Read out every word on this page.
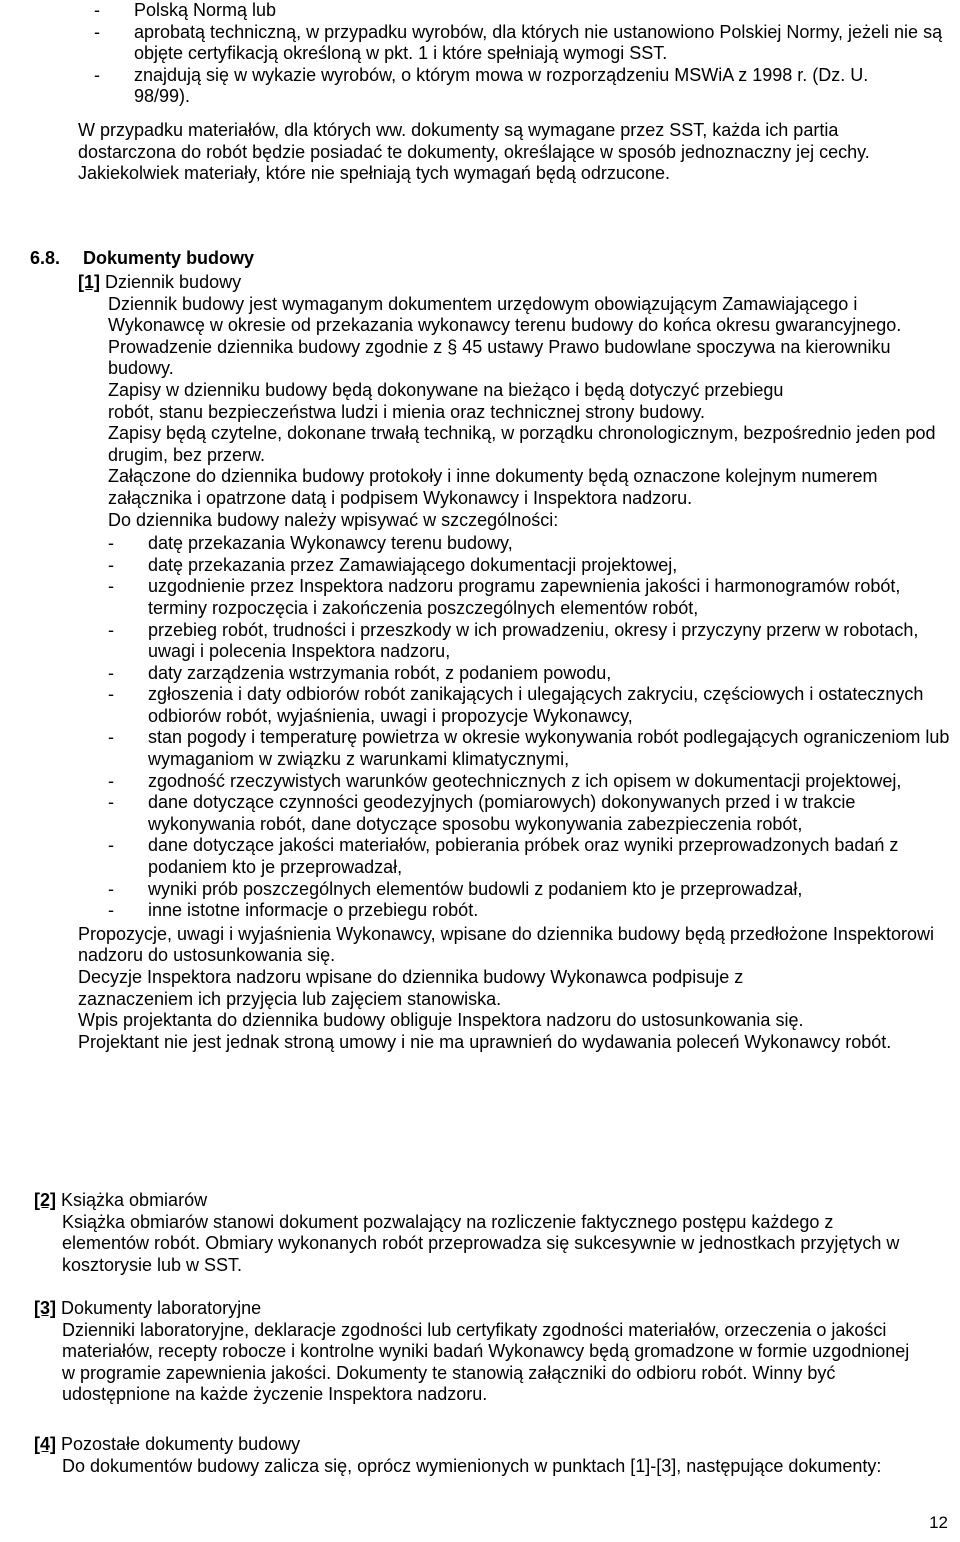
- Polską Normą lub
- aprobatą techniczną, w przypadku wyrobów, dla których nie ustanowiono Polskiej Normy, jeżeli nie są objęte certyfikacją określoną w pkt. 1 i które spełniają wymogi SST.
- znajdują się w wykazie wyrobów, o którym mowa w rozporządzeniu MSWiA z 1998 r. (Dz. U. 98/99).

W przypadku materiałów, dla których ww. dokumenty są wymagane przez SST, każda ich partia dostarczona do robót będzie posiadać te dokumenty, określające w sposób jednoznaczny jej cechy.

Jakiekolwiek materiały, które nie spełniają tych wymagań będą odrzucone.

6.8. Dokumenty budowy
[1] Dziennik budowy

Dziennik budowy jest wymaganym dokumentem urzędowym obowiązującym Zamawiającego i Wykonawcę w okresie od przekazania wykonawcy terenu budowy do końca okresu gwarancyjnego. Prowadzenie dziennika budowy zgodnie z § 45 ustawy Prawo budowlane spoczywa na kierowniku budowy.

Zapisy w dzienniku budowy będą dokonywane na bieżąco i będą dotyczyć przebiegu robót, stanu bezpieczeństwa ludzi i mienia oraz technicznej strony budowy.

Zapisy będą czytelne, dokonane trwałą techniką, w porządku chronologicznym, bezpośrednio jeden pod drugim, bez przerw.

Załączone do dziennika budowy protokoły i inne dokumenty będą oznaczone kolejnym numerem załącznika i opatrzone datą i podpisem Wykonawcy i Inspektora nadzoru.

Do dziennika budowy należy wpisywać w szczególności:

- datę przekazania Wykonawcy terenu budowy,
- datę przekazania przez Zamawiającego dokumentacji projektowej,
- uzgodnienie przez Inspektora nadzoru programu zapewnienia jakości i harmonogramów robót, terminy rozpoczęcia i zakończenia poszczególnych elementów robót,
- przebieg robót, trudności i przeszkody w ich prowadzeniu, okresy i przyczyny przerw w robotach, uwagi i polecenia Inspektora nadzoru,
- daty zarządzenia wstrzymania robót, z podaniem powodu,
- zgłoszenia i daty odbiorów robót zanikających i ulegających zakryciu, częściowych i ostatecznych odbiorów robót, wyjaśnienia, uwagi i propozycje Wykonawcy,
- stan pogody i temperaturę powietrza w okresie wykonywania robót podlegających ograniczeniom lub wymaganiom w związku z warunkami klimatycznymi,
- zgodność rzeczywistych warunków geotechnicznych z ich opisem w dokumentacji projektowej,
- dane dotyczące czynności geodezyjnych (pomiarowych) dokonywanych przed i w trakcie wykonywania robót, dane dotyczące sposobu wykonywania zabezpieczenia robót,
- dane dotyczące jakości materiałów, pobierania próbek oraz wyniki przeprowadzonych badań z podaniem kto je przeprowadzał,
- wyniki prób poszczególnych elementów budowli z podaniem kto je przeprowadzał,
- inne istotne informacje o przebiegu robót.

Propozycje, uwagi i wyjaśnienia Wykonawcy, wpisane do dziennika budowy będą przedłożone Inspektorowi nadzoru do ustosunkowania się.

Decyzje Inspektora nadzoru wpisane do dziennika budowy Wykonawca podpisuje z zaznaczeniem ich przyjęcia lub zajęciem stanowiska.

Wpis projektanta do dziennika budowy obliguje Inspektora nadzoru do ustosunkowania się.

Projektant nie jest jednak stroną umowy i nie ma uprawnień do wydawania poleceń Wykonawcy robót.

[2] Książka obmiarów

Książka obmiarów stanowi dokument pozwalający na rozliczenie faktycznego postępu każdego z elementów robót. Obmiary wykonanych robót przeprowadza się sukcesywnie w jednostkach przyjętych w kosztorysie lub w SST.

[3] Dokumenty laboratoryjne

Dzienniki laboratoryjne, deklaracje zgodności lub certyfikaty zgodności materiałów, orzeczenia o jakości materiałów, recepty robocze i kontrolne wyniki badań Wykonawcy będą gromadzone w formie uzgodnionej w programie zapewnienia jakości. Dokumenty te stanowią załączniki do odbioru robót. Winny być udostępnione na każde życzenie Inspektora nadzoru.

[4] Pozostałe dokumenty budowy

Do dokumentów budowy zalicza się, oprócz wymienionych w punktach [1]-[3], następujące dokumenty:

12
